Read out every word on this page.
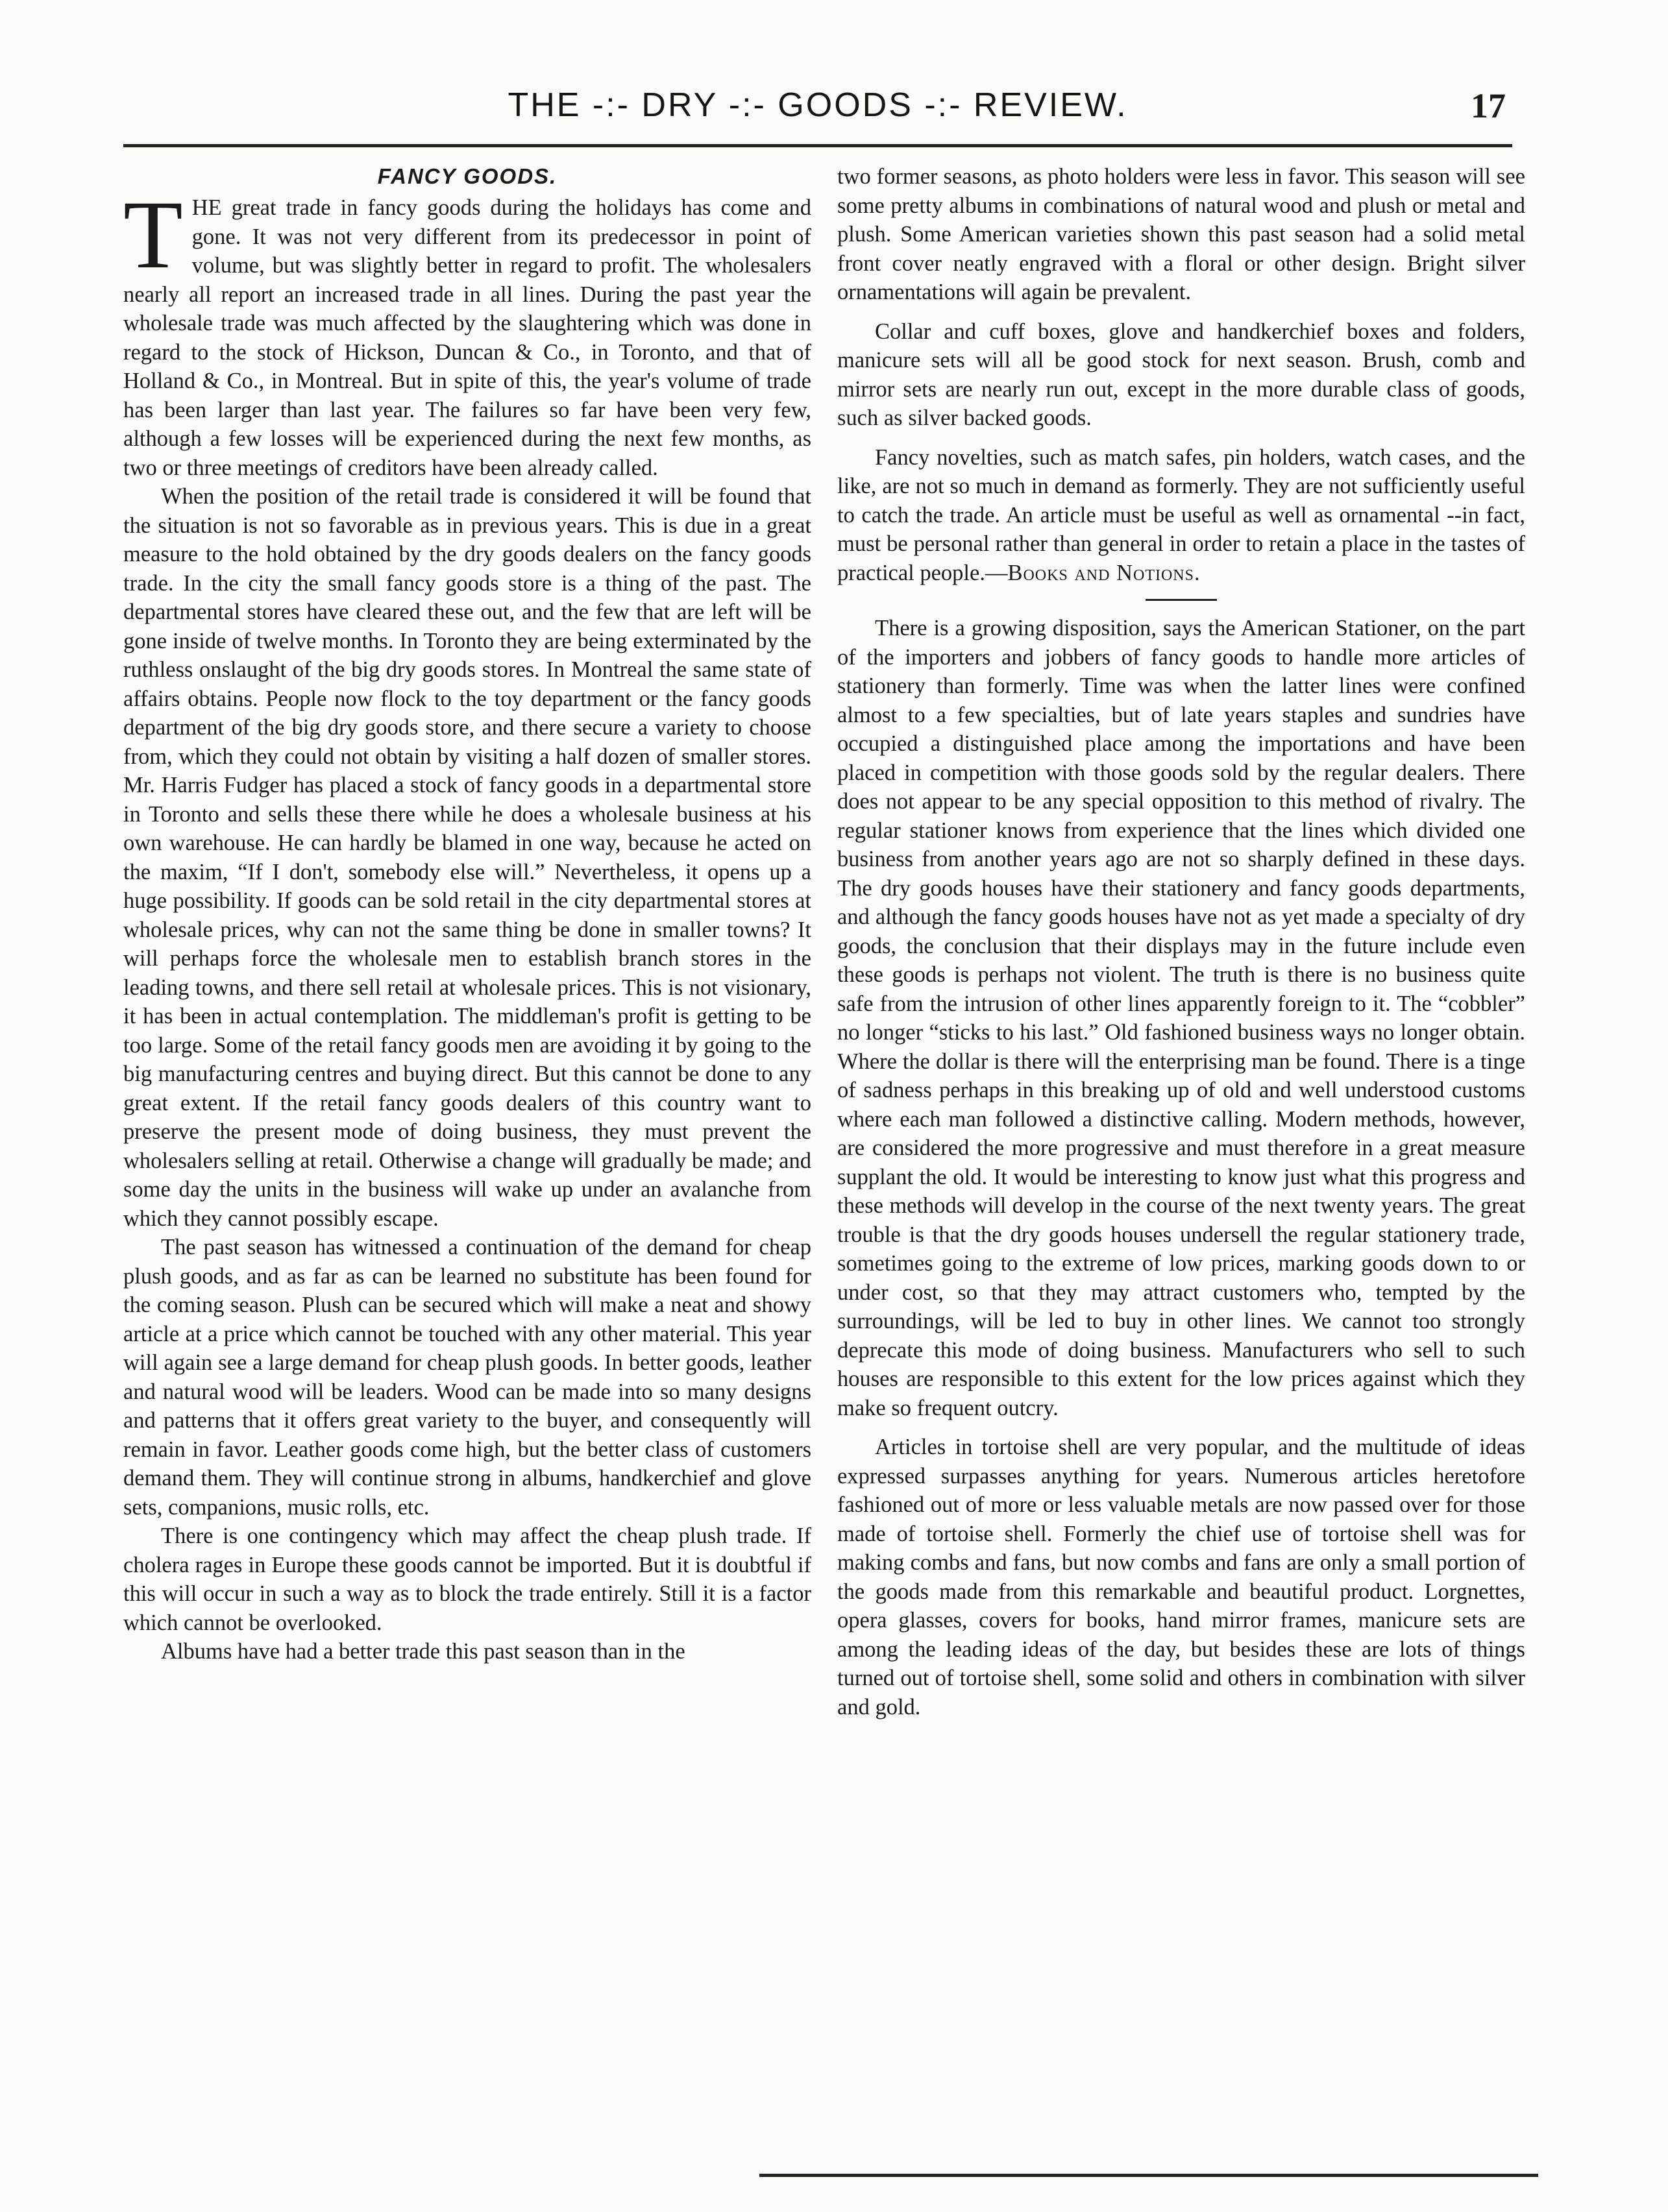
THE -:- DRY -:- GOODS -:- REVIEW.	17
FANCY GOODS.

THE great trade in fancy goods during the holidays has come and gone. It was not very different from its predecessor in point of volume, but was slightly better in regard to profit. The wholesalers nearly all report an increased trade in all lines. During the past year the wholesale trade was much affected by the slaughtering which was done in regard to the stock of Hickson, Duncan & Co., in Toronto, and that of Holland & Co., in Montreal. But in spite of this, the year's volume of trade has been larger than last year. The failures so far have been very few, although a few losses will be experienced during the next few months, as two or three meetings of creditors have been already called.

When the position of the retail trade is considered it will be found that the situation is not so favorable as in previous years. This is due in a great measure to the hold obtained by the dry goods dealers on the fancy goods trade. In the city the small fancy goods store is a thing of the past. The departmental stores have cleared these out, and the few that are left will be gone inside of twelve months. In Toronto they are being exterminated by the ruthless onslaught of the big dry goods stores. In Montreal the same state of affairs obtains. People now flock to the toy department or the fancy goods department of the big dry goods store, and there secure a variety to choose from, which they could not obtain by visiting a half dozen of smaller stores. Mr. Harris Fudger has placed a stock of fancy goods in a departmental store in Toronto and sells these there while he does a wholesale business at his own warehouse. He can hardly be blamed in one way, because he acted on the maxim, “If I don't, somebody else will.” Nevertheless, it opens up a huge possibility. If goods can be sold retail in the city departmental stores at wholesale prices, why can not the same thing be done in smaller towns? It will perhaps force the wholesale men to establish branch stores in the leading towns, and there sell retail at wholesale prices. This is not visionary, it has been in actual contemplation. The middleman's profit is getting to be too large. Some of the retail fancy goods men are avoiding it by going to the big manufacturing centres and buying direct. But this cannot be done to any great extent. If the retail fancy goods dealers of this country want to preserve the present mode of doing business, they must prevent the wholesalers selling at retail. Otherwise a change will gradually be made; and some day the units in the business will wake up under an avalanche from which they cannot possibly escape.

The past season has witnessed a continuation of the demand for cheap plush goods, and as far as can be learned no substitute has been found for the coming season. Plush can be secured which will make a neat and showy article at a price which cannot be touched with any other material. This year will again see a large demand for cheap plush goods. In better goods, leather and natural wood will be leaders. Wood can be made into so many designs and patterns that it offers great variety to the buyer, and consequently will remain in favor. Leather goods come high, but the better class of customers demand them. They will continue strong in albums, handkerchief and glove sets, companions, music rolls, etc.

There is one contingency which may affect the cheap plush trade. If cholera rages in Europe these goods cannot be imported. But it is doubtful if this will occur in such a way as to block the trade entirely. Still it is a factor which cannot be overlooked.

Albums have had a better trade this past season than in the

two former seasons, as photo holders were less in favor. This season will see some pretty albums in combinations of natural wood and plush or metal and plush. Some American varieties shown this past season had a solid metal front cover neatly engraved with a floral or other design. Bright silver ornamentations will again be prevalent.

Collar and cuff boxes, glove and handkerchief boxes and folders, manicure sets will all be good stock for next season. Brush, comb and mirror sets are nearly run out, except in the more durable class of goods, such as silver backed goods.

Fancy novelties, such as match safes, pin holders, watch cases, and the like, are not so much in demand as formerly. They are not sufficiently useful to catch the trade. An article must be useful as well as ornamental --in fact, must be personal rather than general in order to retain a place in the tastes of practical people.—Books and Notions.

There is a growing disposition, says the American Stationer, on the part of the importers and jobbers of fancy goods to handle more articles of stationery than formerly. Time was when the latter lines were confined almost to a few specialties, but of late years staples and sundries have occupied a distinguished place among the importations and have been placed in competition with those goods sold by the regular dealers. There does not appear to be any special opposition to this method of rivalry. The regular stationer knows from experience that the lines which divided one business from another years ago are not so sharply defined in these days. The dry goods houses have their stationery and fancy goods departments, and although the fancy goods houses have not as yet made a specialty of dry goods, the conclusion that their displays may in the future include even these goods is perhaps not violent. The truth is there is no business quite safe from the intrusion of other lines apparently foreign to it. The “cobbler” no longer “sticks to his last.” Old fashioned business ways no longer obtain. Where the dollar is there will the enterprising man be found. There is a tinge of sadness perhaps in this breaking up of old and well understood customs where each man followed a distinctive calling. Modern methods, however, are considered the more progressive and must therefore in a great measure supplant the old. It would be interesting to know just what this progress and these methods will develop in the course of the next twenty years. The great trouble is that the dry goods houses undersell the regular stationery trade, sometimes going to the extreme of low prices, marking goods down to or under cost, so that they may attract customers who, tempted by the surroundings, will be led to buy in other lines. We cannot too strongly deprecate this mode of doing business. Manufacturers who sell to such houses are responsible to this extent for the low prices against which they make so frequent outcry.

Articles in tortoise shell are very popular, and the multitude of ideas expressed surpasses anything for years. Numerous articles heretofore fashioned out of more or less valuable metals are now passed over for those made of tortoise shell. Formerly the chief use of tortoise shell was for making combs and fans, but now combs and fans are only a small portion of the goods made from this remarkable and beautiful product. Lorgnettes, opera glasses, covers for books, hand mirror frames, manicure sets are among the leading ideas of the day, but besides these are lots of things turned out of tortoise shell, some solid and others in combination with silver and gold.
